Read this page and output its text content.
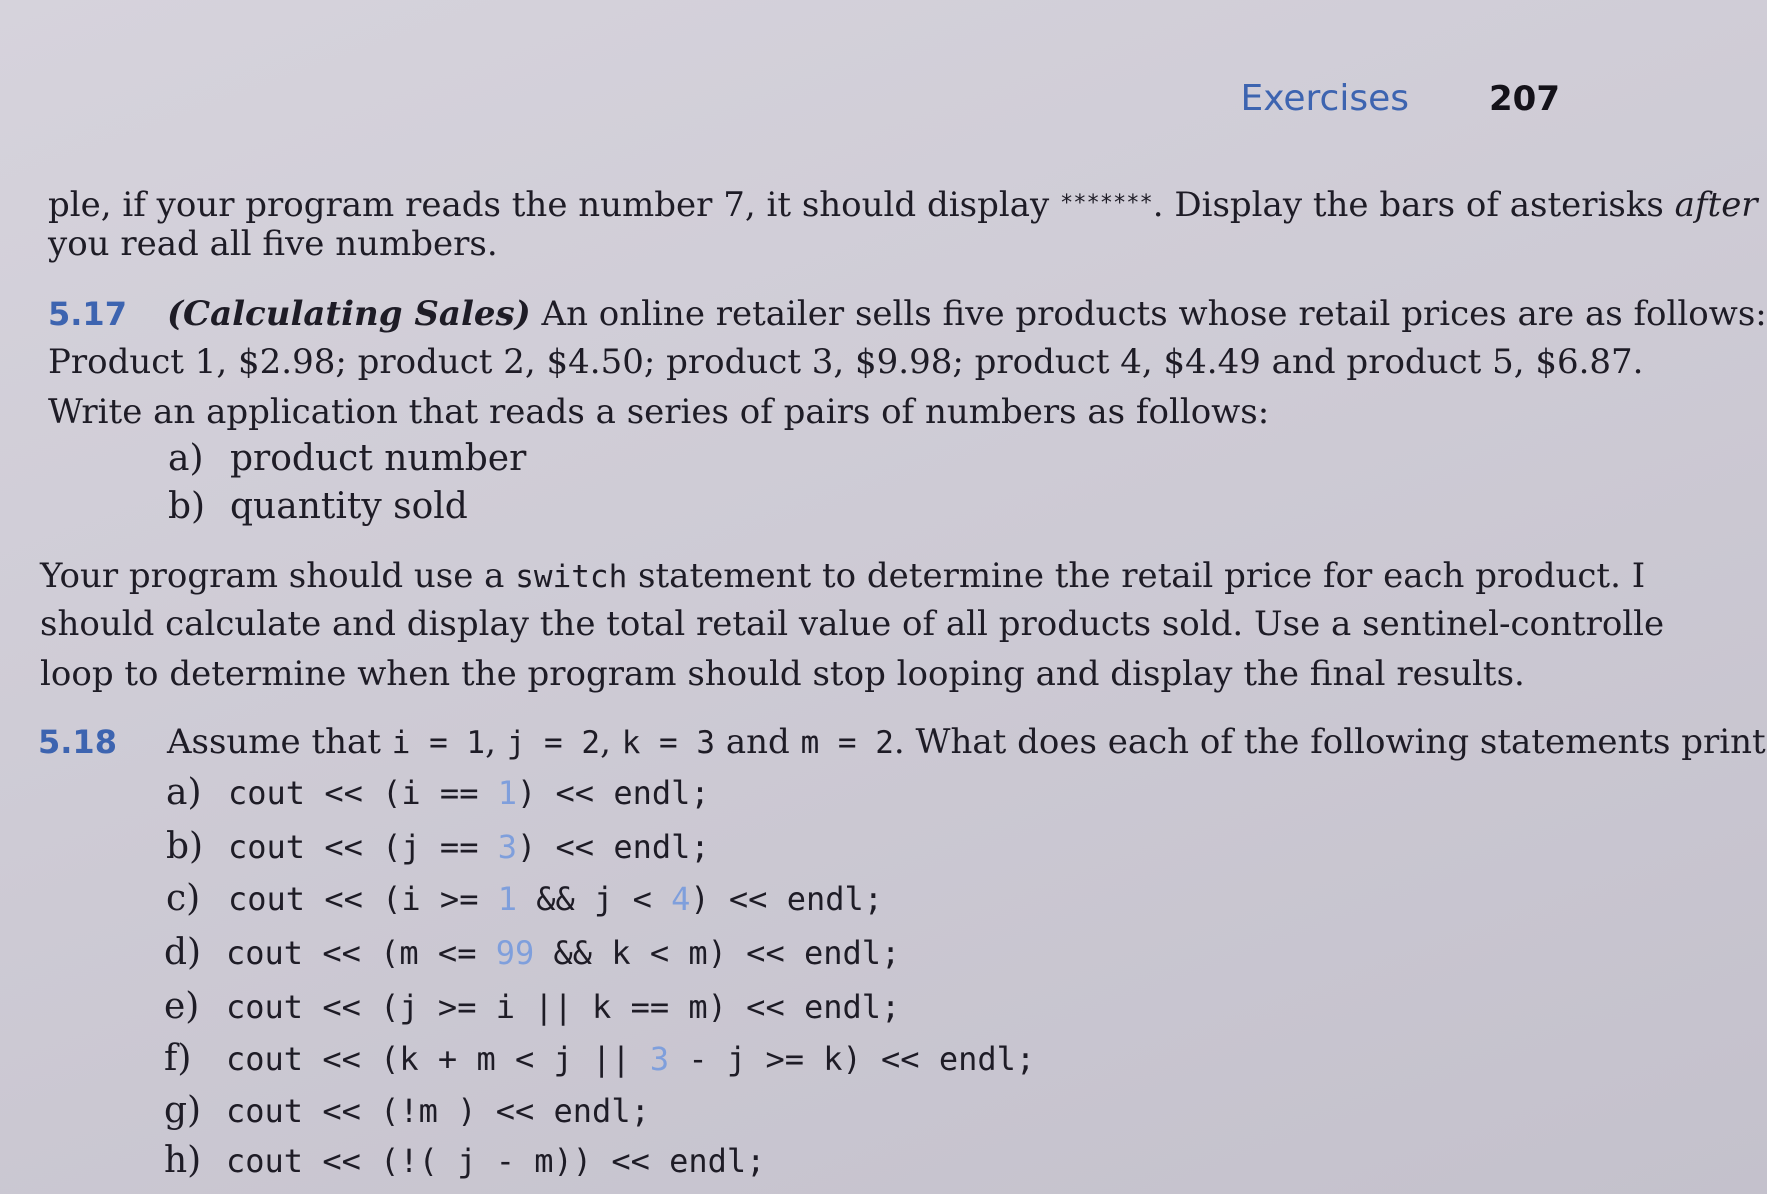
Exercises 207
ple, if your program reads the number 7, it should display *******. Display the bars of asterisks after
you read all five numbers.
5.17 (Calculating Sales) An online retailer sells five products whose retail prices are as follows:
Product 1, $2.98; product 2, $4.50; product 3, $9.98; product 4, $4.49 and product 5, $6.87.
Write an application that reads a series of pairs of numbers as follows:
a) product number
b) quantity sold
Your program should use a switch statement to determine the retail price for each product. I
should calculate and display the total retail value of all products sold. Use a sentinel-controlle
loop to determine when the program should stop looping and display the final results.
5.18 Assume that i = 1, j = 2, k = 3 and m = 2. What does each of the following statements print
a) cout << (i == 1) << endl;
b) cout << (j == 3) << endl;
c) cout << (i >= 1 && j < 4) << endl;
d) cout << (m <= 99 && k < m) << endl;
e) cout << (j >= i || k == m) << endl;
f) cout << (k + m < j || 3 - j >= k) << endl;
g) cout << (!m ) << endl;
h) cout << (!( j - m)) << endl;
